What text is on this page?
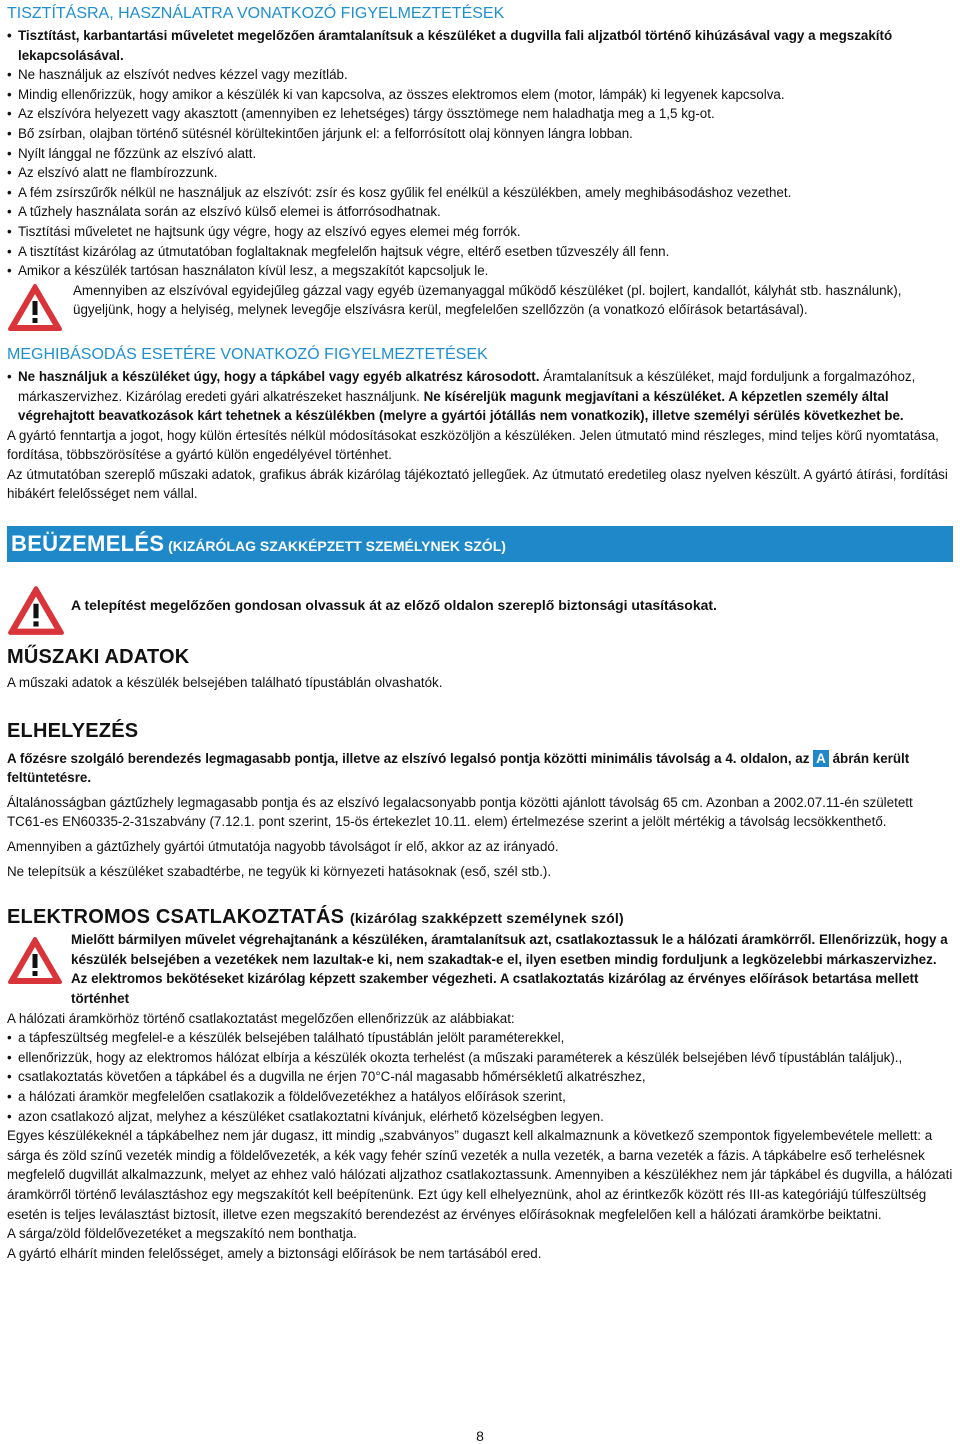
TISZTÍTÁSRA, HASZNÁLATRA VONATKOZÓ FIGYELMEZTETÉSEK

• Tisztítást, karbantartási műveletet megelőzően áramtalanítsuk a készüléket a dugvilla fali aljzatból történő kihúzásával vagy a megszakító lekapcsolásával.

• Ne használjuk az elszívót nedves kézzel vagy mezítláb.

• Mindig ellenőrizzük, hogy amikor a készülék ki van kapcsolva, az összes elektromos elem (motor, lámpák) ki legyenek kapcsolva.

• Az elszívóra helyezett vagy akasztott (amennyiben ez lehetséges) tárgy össztömege nem haladhatja meg a 1,5 kg-ot.

• Bő zsírban, olajban történő sütésnél körültekintően járjunk el: a felforrósított olaj könnyen lángra lobban.

• Nyílt lánggal ne főzzünk az elszívó alatt.

• Az elszívó alatt ne flambírozzunk.

• A fém zsírszűrők nélkül ne használjuk az elszívót: zsír és kosz gyűlik fel enélkül a készülékben, amely meghibásodáshoz vezethet.

• A tűzhely használata során az elszívó külső elemei is átforrósodhatnak.

• Tisztítási műveletet ne hajtsunk úgy végre, hogy az elszívó egyes elemei még forrók.

• A tisztítást kizárólag az útmutatóban foglaltaknak megfelelőn hajtsuk végre, eltérő esetben tűzveszély áll fenn.

• Amikor a készülék tartósan használaton kívül lesz, a megszakítót kapcsoljuk le.

Amennyiben az elszívóval egyidejűleg gázzal vagy egyéb üzemanyaggal működő készüléket (pl. bojlert, kandallót, kályhát stb. használunk), ügyeljünk, hogy a helyiség, melynek levegője elszívásra kerül, megfelelően szellőzzön (a vonatkozó előírások betartásával).

MEGHIBÁSODÁS ESETÉRE VONATKOZÓ FIGYELMEZTETÉSEK

• Ne használjuk a készüléket úgy, hogy a tápkábel vagy egyéb alkatrész károsodott. Áramtalanítsuk a készüléket, majd forduljunk a forgalmazóhoz, márkaszervizhez. Kizárólag eredeti gyári alkatrészeket használjunk. Ne kíséreljük magunk megjavítani a készüléket. A képzetlen személy által végrehajtott beavatkozások kárt tehetnek a készülékben (melyre a gyártói jótállás nem vonatkozik), illetve személyi sérülés következhet be.

A gyártó fenntartja a jogot, hogy külön értesítés nélkül módosításokat eszközöljön a készüléken. Jelen útmutató mind részleges, mind teljes körű nyomtatása, fordítása, többszörösítése a gyártó külön engedélyével történhet.

Az útmutatóban szereplő műszaki adatok, grafikus ábrák kizárólag tájékoztató jellegűek. Az útmutató eredetileg olasz nyelven készült. A gyártó átírási, fordítási hibákért felelősséget nem vállal.

BEÜZEMELÉS (KIZÁRÓLAG SZAKKÉPZETT SZEMÉLYNEK SZÓL)

A telepítést megelőzően gondosan olvassuk át az előző oldalon szereplő biztonsági utasításokat.

MŰSZAKI ADATOK

A műszaki adatok a készülék belsejében található típustáblán olvashatók.

ELHELYEZÉS

A főzésre szolgáló berendezés legmagasabb pontja, illetve az elszívó legalsó pontja közötti minimális távolság a 4. oldalon, az A ábrán került feltüntetésre.

Általánosságban gáztűzhely legmagasabb pontja és az elszívó legalacsonyabb pontja közötti ajánlott távolság 65 cm. Azonban a 2002.07.11-én született TC61-es EN60335-2-31szabvány (7.12.1. pont szerint, 15-ös értekezlet 10.11. elem) értelmezése szerint a jelölt mértékig a távolság lecsökkenthető.

Amennyiben a gáztűzhely gyártói útmutatója nagyobb távolságot ír elő, akkor az az irányadó.

Ne telepítsük a készüléket szabadtérbe, ne tegyük ki környezeti hatásoknak (eső, szél stb.).

ELEKTROMOS CSATLAKOZTATÁS (kizárólag szakképzett személynek szól)

Mielőtt bármilyen művelet végrehajtanánk a készüléken, áramtalanítsuk azt, csatlakoztassuk le a hálózati áramkörről. Ellenőrizzük, hogy a készülék belsejében a vezetékek nem lazultak-e ki, nem szakadtak-e el, ilyen esetben mindig forduljunk a legközelebbi márkaszervizhez. Az elektromos bekötéseket kizárólag képzett szakember végezheti. A csatlakoztatás kizárólag az érvényes előírások betartása mellett történhet

A hálózati áramkörhöz történő csatlakoztatást megelőzően ellenőrizzük az alábbiakat:

• a tápfeszültség megfelel-e a készülék belsejében található típustáblán jelölt paraméterekkel,

• ellenőrizzük, hogy az elektromos hálózat elbírja a készülék okozta terhelést (a műszaki paraméterek a készülék belsejében lévő típustáblán találjuk).,

• csatlakoztatás követően a tápkábel és a dugvilla ne érjen 70°C-nál magasabb hőmérsékletű alkatrészhez,

• a hálózati áramkör megfelelően csatlakozik a földelővezetékhez a hatályos előírások szerint,

• azon csatlakozó aljzat, melyhez a készüléket csatlakoztatni kívánjuk, elérhető közelségben legyen.

Egyes készülékeknél a tápkábelhez nem jár dugasz, itt mindig „szabványos” dugaszt kell alkalmaznunk a következő szempontok figyelembevétele mellett: a sárga és zöld színű vezeték mindig a földelővezeték, a kék vagy fehér színű vezeték a nulla vezeték, a barna vezeték a fázis. A tápkábelre eső terhelésnek megfelelő dugvillát alkalmazzunk, melyet az ehhez való hálózati aljzathoz csatlakoztassunk. Amennyiben a készülékhez nem jár tápkábel és dugvilla, a hálózati áramkörről történő leválasztáshoz egy megszakítót kell beépítenünk. Ezt úgy kell elhelyeznünk, ahol az érintkezők között rés III-as kategóriájú túlfeszültség esetén is teljes leválasztást biztosít, illetve ezen megszakító berendezést az érvényes előírásoknak megfelelően kell a hálózati áramkörbe beiktatni.

A sárga/zöld földelővezetéket a megszakító nem bonthatja.

A gyártó elhárít minden felelősséget, amely a biztonsági előírások be nem tartásából ered.

8
